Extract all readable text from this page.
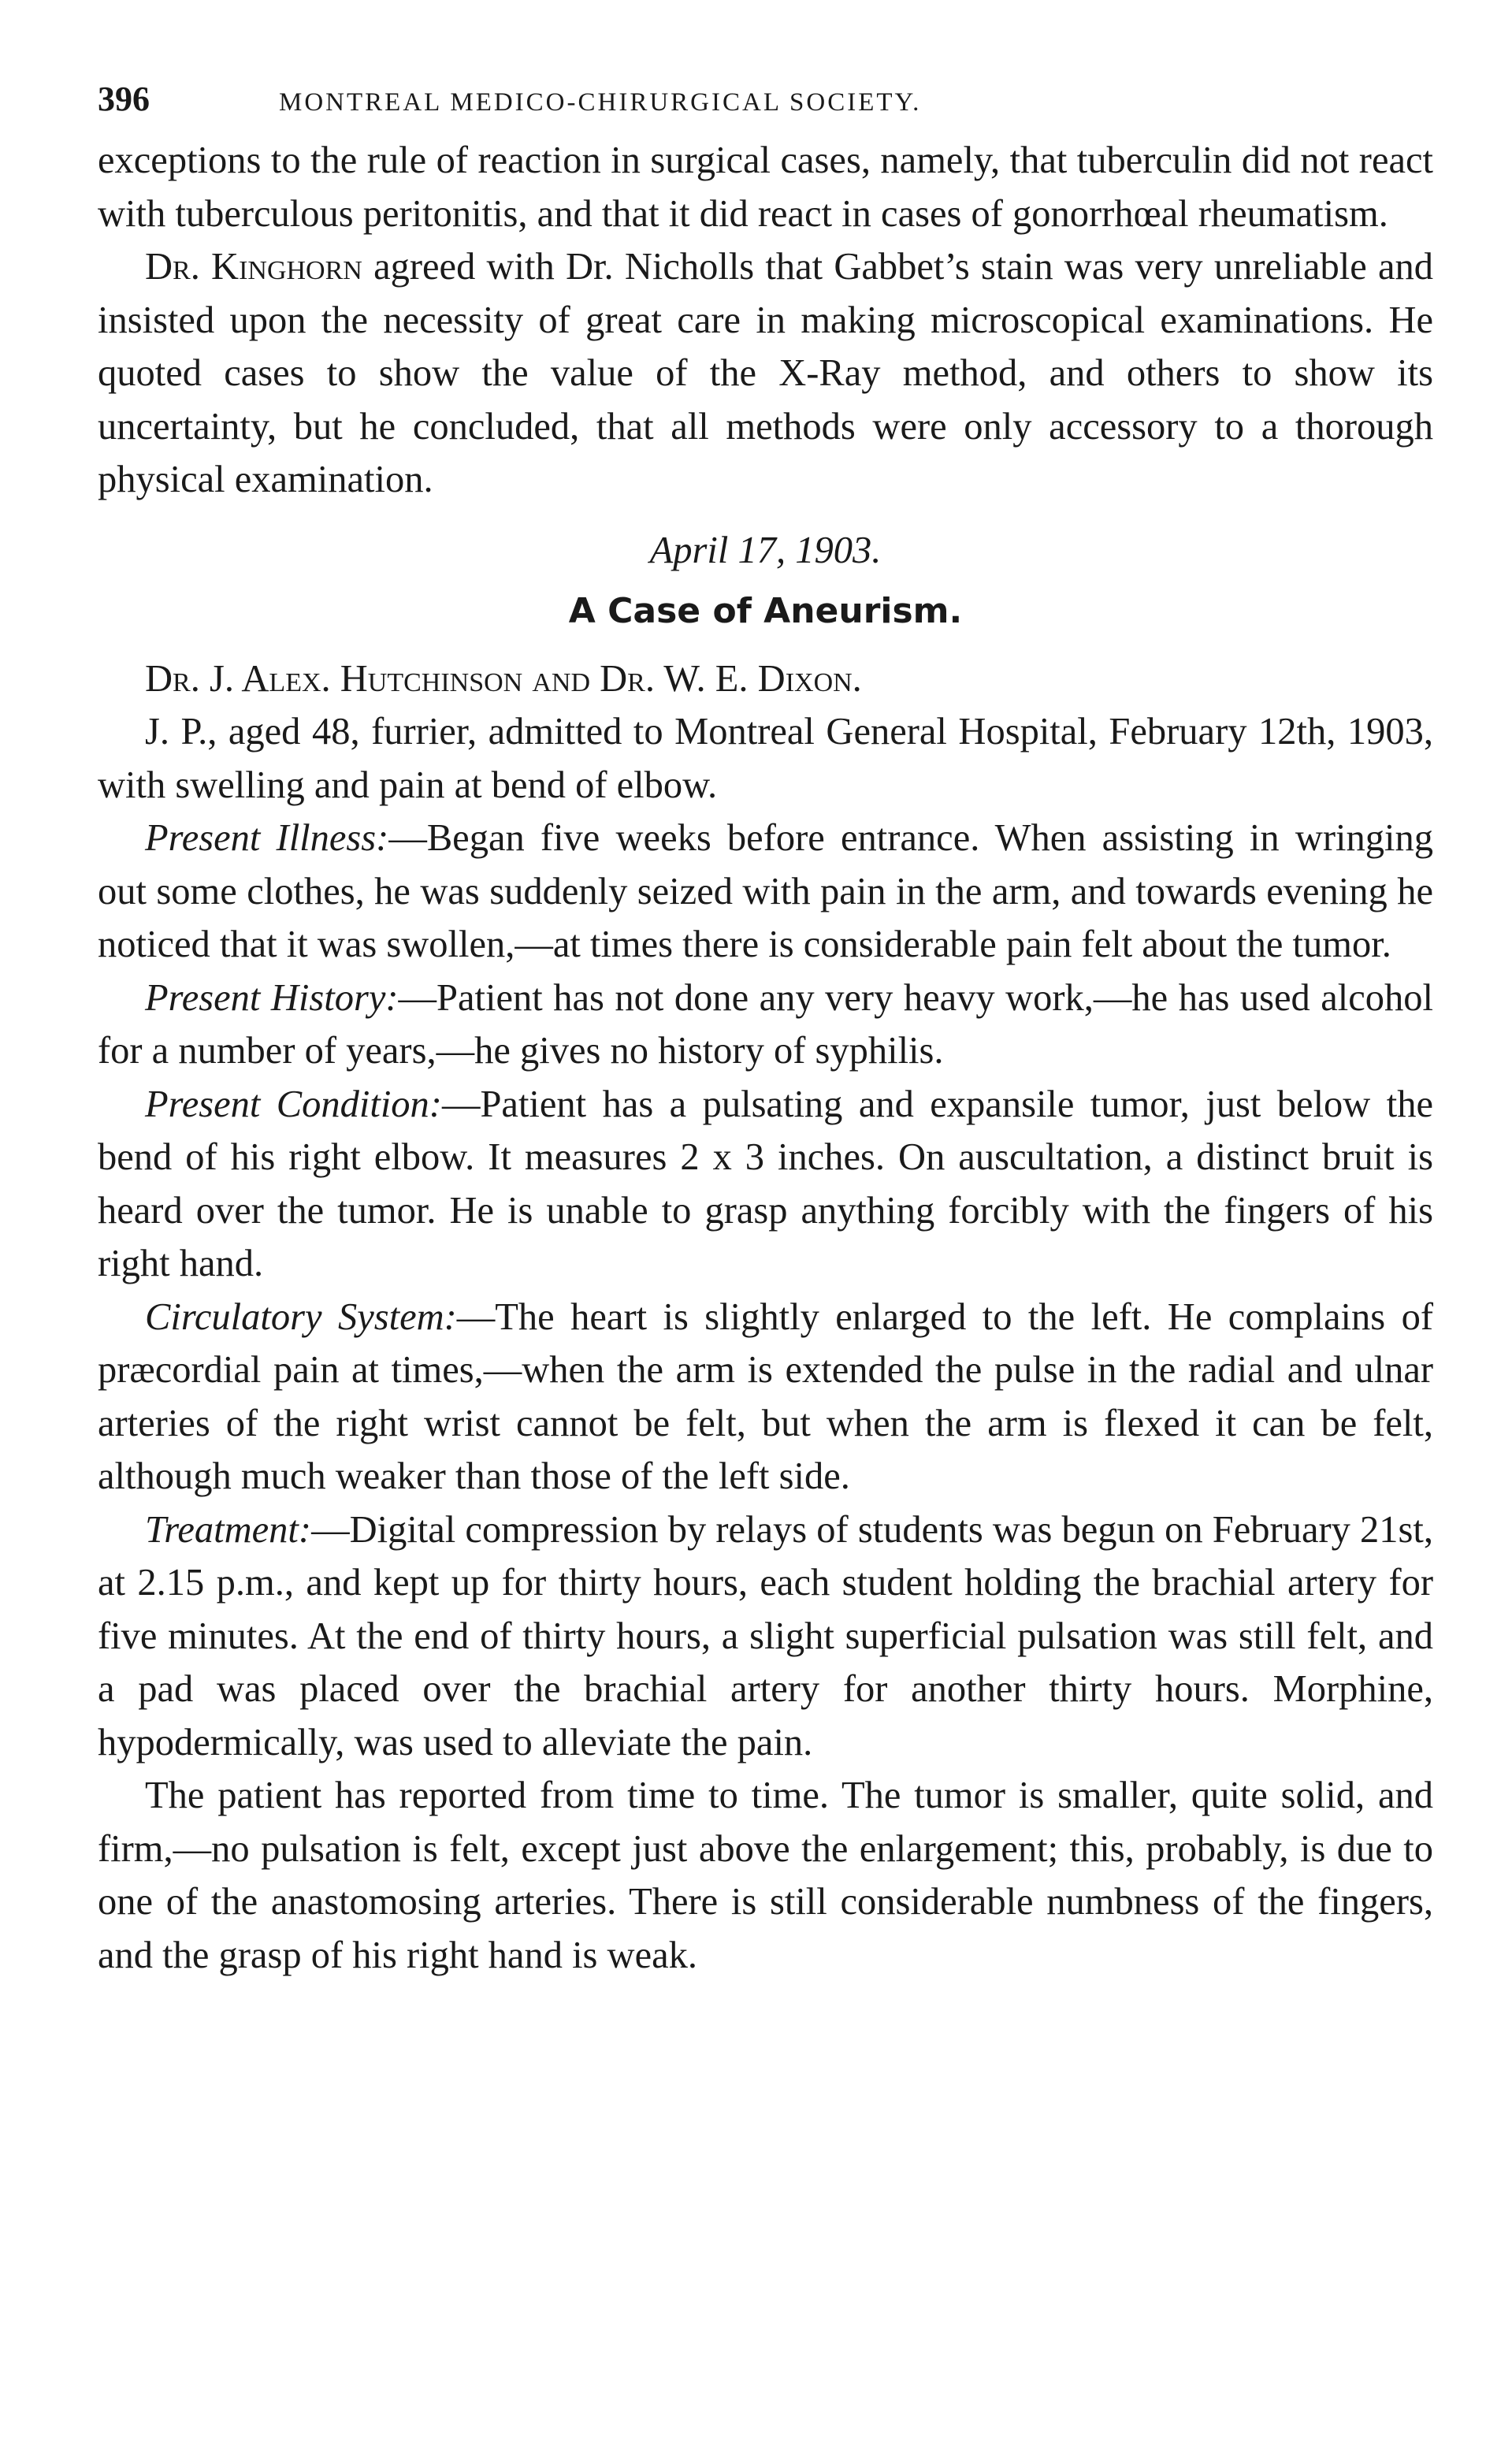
396	MONTREAL MEDICO-CHIRURGICAL SOCIETY.

exceptions to the rule of reaction in surgical cases, namely, that tuberculin did not react with tuberculous peritonitis, and that it did react in cases of gonorrhœal rheumatism.

Dr. Kinghorn agreed with Dr. Nicholls that Gabbet’s stain was very unreliable and insisted upon the necessity of great care in making microscopical examinations. He quoted cases to show the value of the X-Ray method, and others to show its uncertainty, but he concluded, that all methods were only accessory to a thorough physical examination.

April 17, 1903.

A Case of Aneurism.

Dr. J. Alex. Hutchinson and Dr. W. E. Dixon.

J. P., aged 48, furrier, admitted to Montreal General Hospital, February 12th, 1903, with swelling and pain at bend of elbow.

Present Illness:—Began five weeks before entrance. When assisting in wringing out some clothes, he was suddenly seized with pain in the arm, and towards evening he noticed that it was swollen,—at times there is considerable pain felt about the tumor.

Present History:—Patient has not done any very heavy work,—he has used alcohol for a number of years,—he gives no history of syphilis.

Present Condition:—Patient has a pulsating and expansile tumor, just below the bend of his right elbow. It measures 2 x 3 inches. On auscultation, a distinct bruit is heard over the tumor. He is unable to grasp anything forcibly with the fingers of his right hand.

Circulatory System:—The heart is slightly enlarged to the left. He complains of præcordial pain at times,—when the arm is extended the pulse in the radial and ulnar arteries of the right wrist cannot be felt, but when the arm is flexed it can be felt, although much weaker than those of the left side.

Treatment:—Digital compression by relays of students was begun on February 21st, at 2.15 p.m., and kept up for thirty hours, each student holding the brachial artery for five minutes. At the end of thirty hours, a slight superficial pulsation was still felt, and a pad was placed over the brachial artery for another thirty hours. Morphine, hypodermically, was used to alleviate the pain.

The patient has reported from time to time. The tumor is smaller, quite solid, and firm,—no pulsation is felt, except just above the enlargement; this, probably, is due to one of the anastomosing arteries. There is still considerable numbness of the fingers, and the grasp of his right hand is weak.
